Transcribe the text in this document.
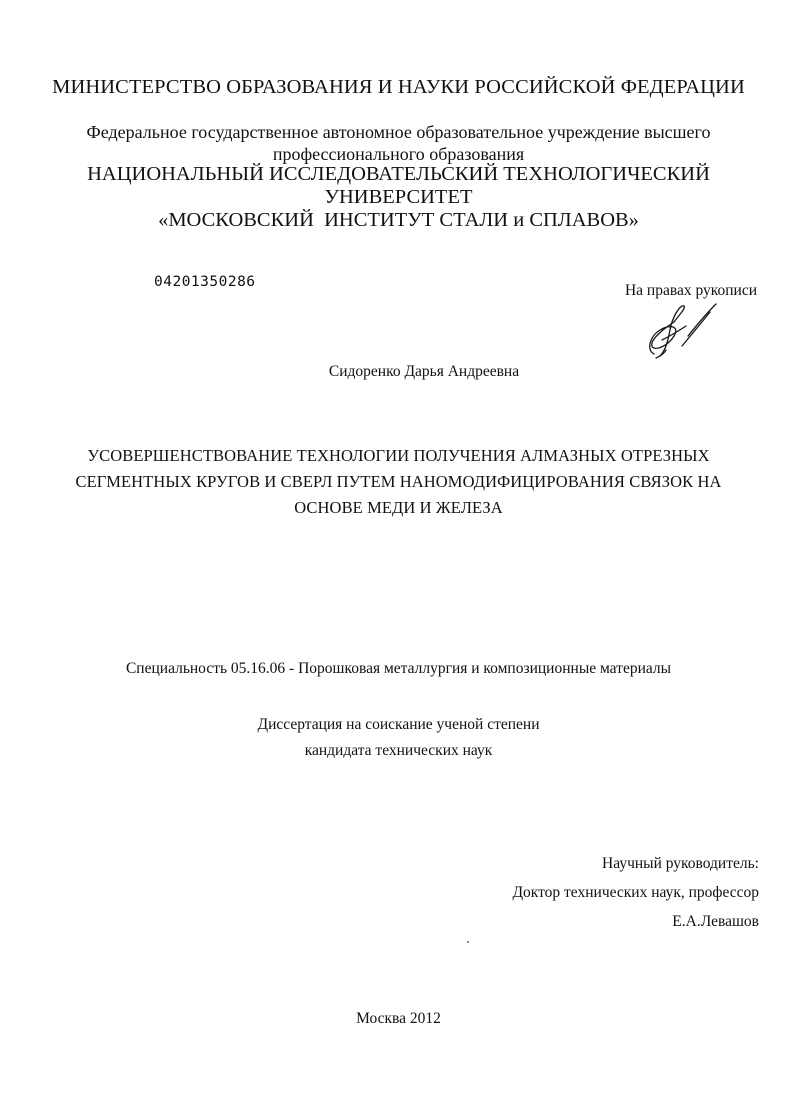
МИНИСТЕРСТВО ОБРАЗОВАНИЯ И НАУКИ РОССИЙСКОЙ ФЕДЕРАЦИИ
Федеральное государственное автономное образовательное учреждение высшего
профессионального образования
НАЦИОНАЛЬНЫЙ ИССЛЕДОВАТЕЛЬСКИЙ ТЕХНОЛОГИЧЕСКИЙ
УНИВЕРСИТЕТ
«МОСКОВСКИЙ  ИНСТИТУТ СТАЛИ и СПЛАВОВ»
04201350286	На правах рукописи
Сидоренко Дарья Андреевна
УСОВЕРШЕНСТВОВАНИЕ ТЕХНОЛОГИИ ПОЛУЧЕНИЯ АЛМАЗНЫХ ОТРЕЗНЫХ
СЕГМЕНТНЫХ КРУГОВ И СВЕРЛ ПУТЕМ НАНОМОДИФИЦИРОВАНИЯ СВЯЗОК НА
ОСНОВЕ МЕДИ И ЖЕЛЕЗА
Специальность 05.16.06 - Порошковая металлургия и композиционные материалы
Диссертация на соискание ученой степени
кандидата технических наук
Научный руководитель:
Доктор технических наук, профессор
Е.А.Левашов
Москва 2012
